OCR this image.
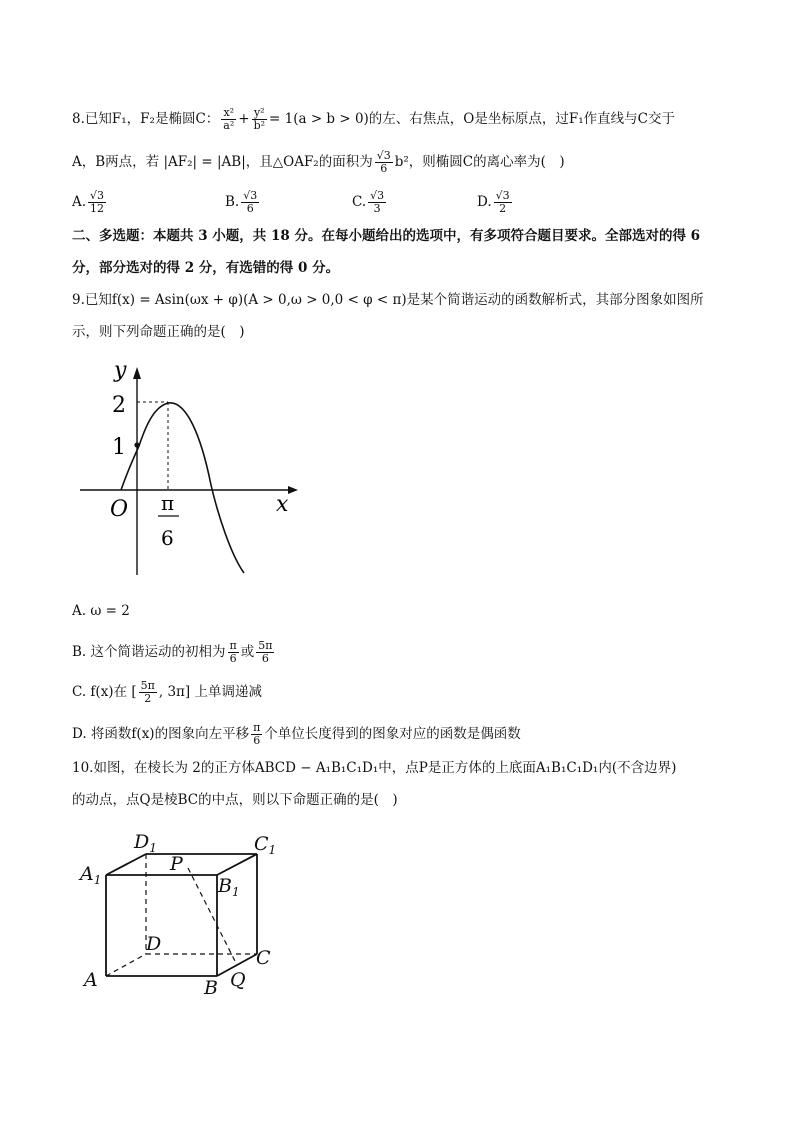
8.已知F₁，F₂是椭圆C： $\frac{\text{x²}}{\text{a²}} + \frac{\text{y²}}{\text{b²}} = 1(a > b > 0)$的左、右焦点，O是坐标原点，过F₁作直线与C交于
A，B两点，若 |AF₂| = |AB|，且△OAF₂的面积为 $\frac{√3}{6} b^2$，则椭圆C的离心率为(　)
A. $\frac{√3}{12}$	B. $\frac{√3}{6}$	C. $\frac{√3}{3}$	D. $\frac{√3}{2}$
二、多选题：本题共 3 小题，共 18 分。在每小题给出的选项中，有多项符合题目要求。全部选对的得 6
分，部分选对的得 2 分，有选错的得 0 分。
9.已知f(x) = Asin(ωx + φ)(A > 0,ω > 0,0 < φ < π)是某个简谐运动的函数解析式，其部分图象如图所
示，则下列命题正确的是(　)
y
x
O
2
1
π
6
A. ω = 2
B. 这个简谐运动的初相为 $\frac{\pi}{6}$ 或 $\frac{5\pi}{6}$
C. f(x)在 [ $\frac{5\pi}{2}$ , 3π] 上单调递减
D. 将函数f(x)的图象向左平移 $\frac{\pi}{6}$ 个单位长度得到的图象对应的函数是偶函数
10.如图，在棱长为 2的正方体ABCD − A₁B₁C₁D₁中，点P是正方体的上底面A₁B₁C₁D₁内(不含边界)
的动点，点Q是棱BC的中点，则以下命题正确的是(　)
$D_1$	$C_1$
$A_1$	$B_1$
P
D
C
A	B Q
